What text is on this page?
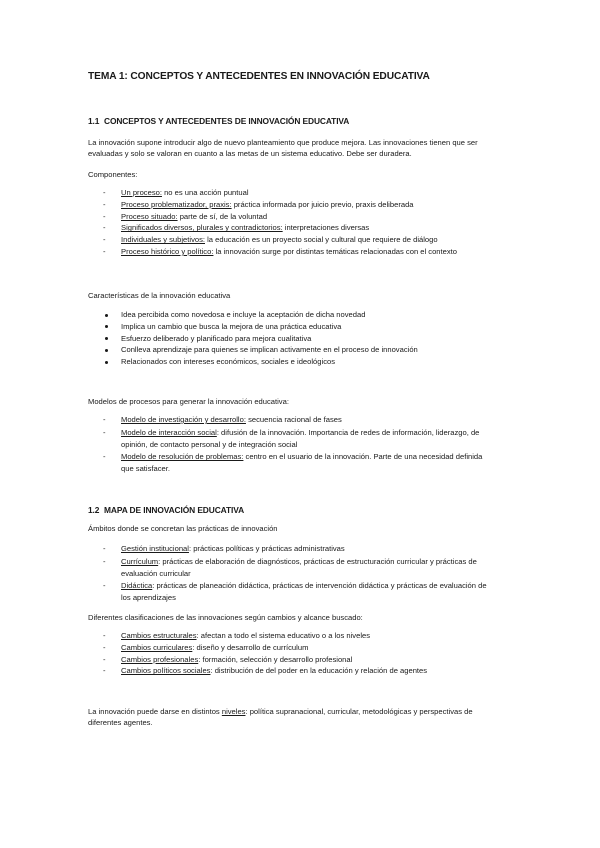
TEMA 1: CONCEPTOS Y ANTECEDENTES EN INNOVACIÓN EDUCATIVA
1.1 CONCEPTOS Y ANTECEDENTES DE INNOVACIÓN EDUCATIVA
La innovación supone introducir algo de nuevo planteamiento que produce mejora. Las innovaciones tienen que ser evaluadas y solo se valoran en cuanto a las metas de un sistema educativo. Debe ser duradera.
Componentes:
- Un proceso: no es una acción puntual
- Proceso problematizador, praxis: práctica informada por juicio previo, praxis deliberada
- Proceso situado: parte de sí, de la voluntad
- Significados diversos, plurales y contradictorios: interpretaciones diversas
- Individuales y subjetivos: la educación es un proyecto social y cultural que requiere de diálogo
- Proceso histórico y político: la innovación surge por distintas temáticas relacionadas con el contexto
Características de la innovación educativa
Idea percibida como novedosa e incluye la aceptación de dicha novedad
Implica un cambio que busca la mejora de una práctica educativa
Esfuerzo deliberado y planificado para mejora cualitativa
Conlleva aprendizaje para quienes se implican activamente en el proceso de innovación
Relacionados con intereses económicos, sociales e ideológicos
Modelos de procesos para generar la innovación educativa:
- Modelo de investigación y desarrollo: secuencia racional de fases
- Modelo de interacción social: difusión de la innovación. Importancia de redes de información, liderazgo, de opinión, de contacto personal y de integración social
- Modelo de resolución de problemas: centro en el usuario de la innovación. Parte de una necesidad definida que satisfacer.
1.2 MAPA DE INNOVACIÓN EDUCATIVA
Ámbitos donde se concretan las prácticas de innovación
- Gestión institucional: prácticas políticas y prácticas administrativas
- Currículum: prácticas de elaboración de diagnósticos, prácticas de estructuración curricular y prácticas de evaluación curricular
- Didáctica: prácticas de planeación didáctica, prácticas de intervención didáctica y prácticas de evaluación de los aprendizajes
Diferentes clasificaciones de las innovaciones según cambios y alcance buscado:
- Cambios estructurales: afectan a todo el sistema educativo o a los niveles
- Cambios curriculares: diseño y desarrollo de currículum
- Cambios profesionales: formación, selección y desarrollo profesional
- Cambios políticos sociales: distribución de del poder en la educación y relación de agentes
La innovación puede darse en distintos niveles: política supranacional, curricular, metodológicas y perspectivas de diferentes agentes.
